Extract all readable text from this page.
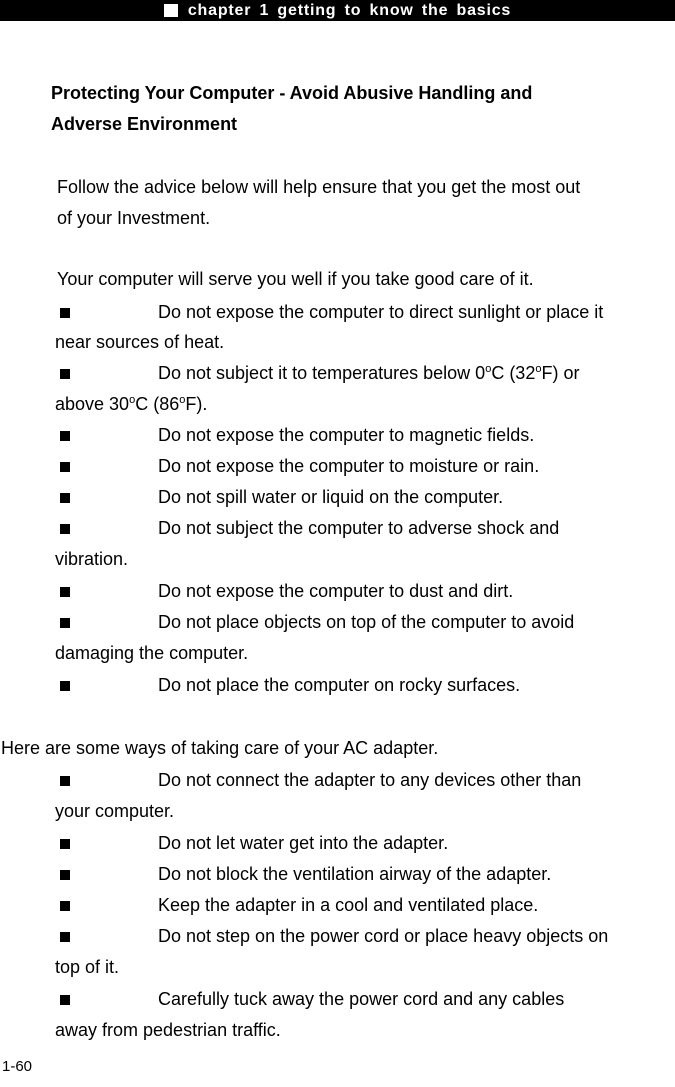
chapter 1 getting to know the basics
Protecting Your Computer - Avoid Abusive Handling and
Adverse Environment
Follow the advice below will help ensure that you get the most out
of your Investment.
Your computer will serve you well if you take good care of it.
Do not expose the computer to direct sunlight or place it
near sources of heat.
Do not subject it to temperatures below 0$^o$C (32$^o$F) or
above 30$^o$C (86$^o$F).
Do not expose the computer to magnetic fields.
Do not expose the computer to moisture or rain.
Do not spill water or liquid on the computer.
Do not subject the computer to adverse shock and
vibration.
Do not expose the computer to dust and dirt.
Do not place objects on top of the computer to avoid
damaging the computer.
Do not place the computer on rocky surfaces.
Here are some ways of taking care of your AC adapter.
Do not connect the adapter to any devices other than
your computer.
Do not let water get into the adapter.
Do not block the ventilation airway of the adapter.
Keep the adapter in a cool and ventilated place.
Do not step on the power cord or place heavy objects on
top of it.
Carefully tuck away the power cord and any cables
away from pedestrian traffic.
1-60
